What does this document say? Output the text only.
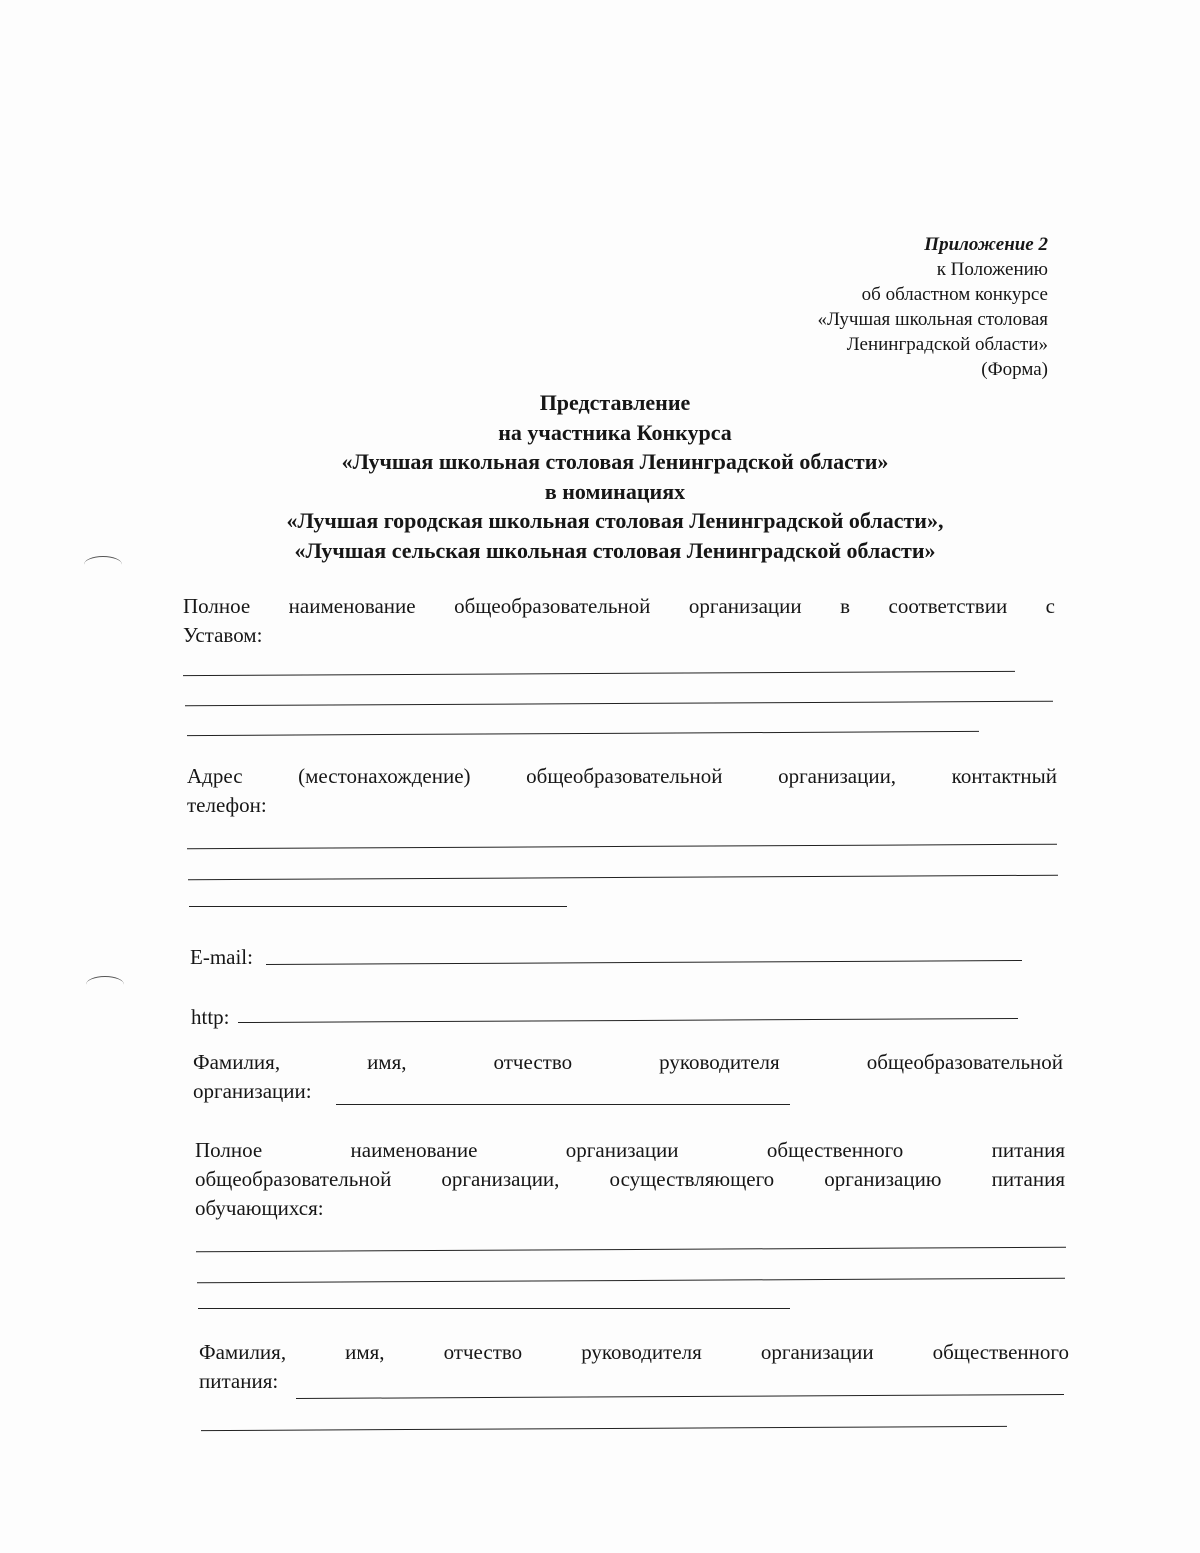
Приложение 2
к Положению
об областном конкурсе
«Лучшая школьная столовая
Ленинградской области»
(Форма)
Представление
на участника Конкурса
«Лучшая школьная столовая Ленинградской области»
в номинациях
«Лучшая городская школьная столовая Ленинградской области»,
«Лучшая сельская школьная столовая Ленинградской области»
Полное наименование общеобразовательной организации в соответствии с
Уставом:
Адрес (местонахождение) общеобразовательной организации, контактный
телефон:
E-mail:
http:
Фамилия, имя, отчество руководителя общеобразовательной
организации:
Полное наименование организации общественного питания
общеобразовательной организации, осуществляющего организацию питания
обучающихся:
Фамилия, имя, отчество руководителя организации общественного
питания:
